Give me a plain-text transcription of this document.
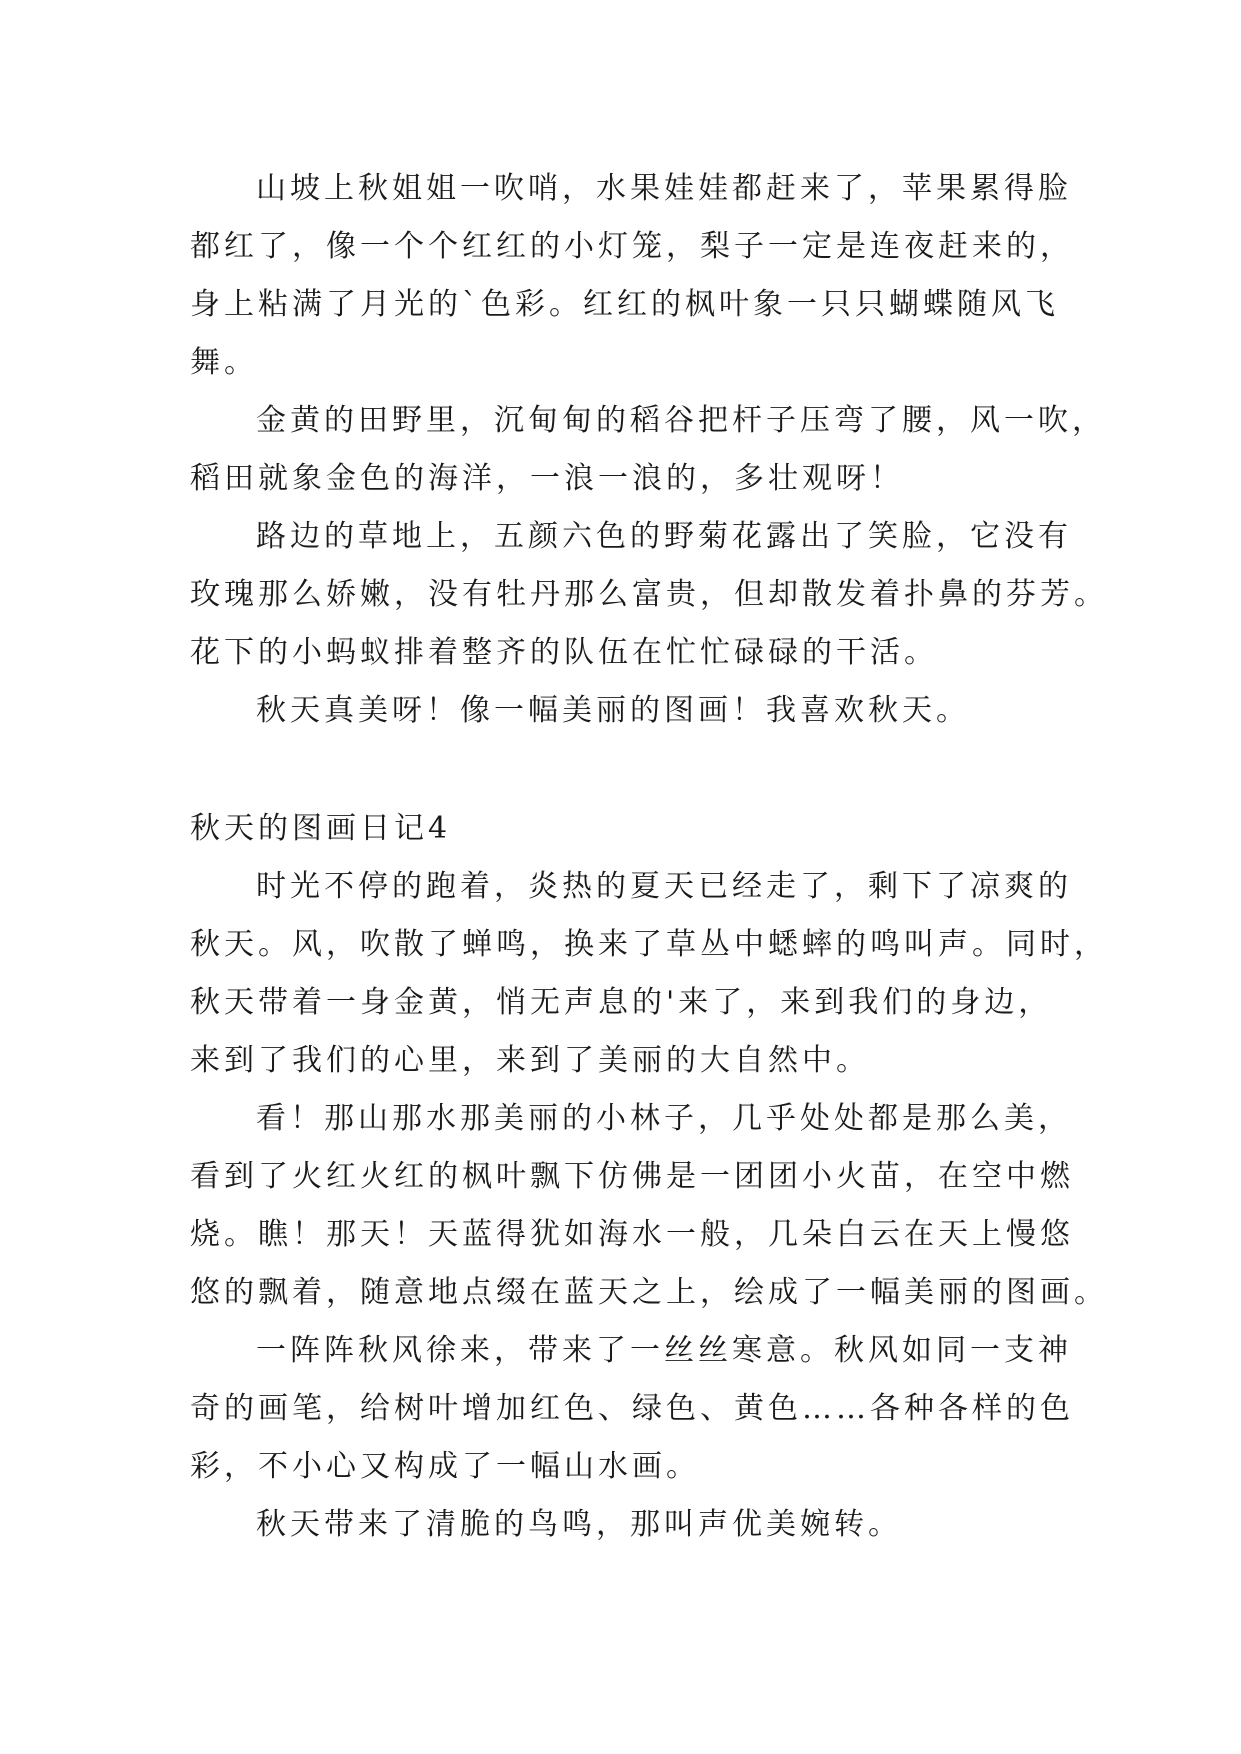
山坡上秋姐姐一吹哨，水果娃娃都赶来了，苹果累得脸
都红了，像一个个红红的小灯笼，梨子一定是连夜赶来的，
身上粘满了月光的`色彩。红红的枫叶象一只只蝴蝶随风飞
舞。
金黄的田野里，沉甸甸的稻谷把杆子压弯了腰，风一吹，
稻田就象金色的海洋，一浪一浪的，多壮观呀！
路边的草地上，五颜六色的野菊花露出了笑脸，它没有
玫瑰那么娇嫩，没有牡丹那么富贵，但却散发着扑鼻的芬芳。
花下的小蚂蚁排着整齐的队伍在忙忙碌碌的干活。
秋天真美呀！像一幅美丽的图画！我喜欢秋天。
秋天的图画日记4
时光不停的跑着，炎热的夏天已经走了，剩下了凉爽的
秋天。风，吹散了蝉鸣，换来了草丛中蟋蟀的鸣叫声。同时，
秋天带着一身金黄，悄无声息的'来了，来到我们的身边，
来到了我们的心里，来到了美丽的大自然中。
看！那山那水那美丽的小林子，几乎处处都是那么美，
看到了火红火红的枫叶飘下仿佛是一团团小火苗，在空中燃
烧。瞧！那天！天蓝得犹如海水一般，几朵白云在天上慢悠
悠的飘着，随意地点缀在蓝天之上，绘成了一幅美丽的图画。
一阵阵秋风徐来，带来了一丝丝寒意。秋风如同一支神
奇的画笔，给树叶增加红色、绿色、黄色……各种各样的色
彩，不小心又构成了一幅山水画。
秋天带来了清脆的鸟鸣，那叫声优美婉转。
